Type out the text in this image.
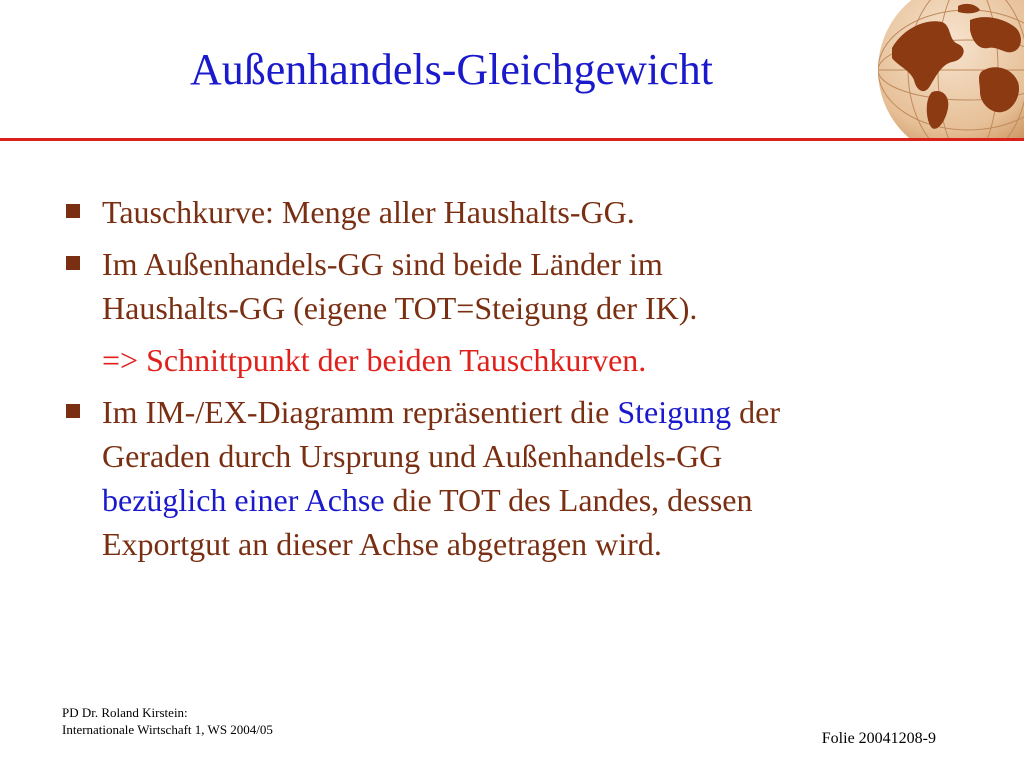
Außenhandels-Gleichgewicht
Tauschkurve: Menge aller Haushalts-GG.
Im Außenhandels-GG sind beide Länder im
Haushalts-GG (eigene TOT=Steigung der IK).
=> Schnittpunkt der beiden Tauschkurven.
Im IM-/EX-Diagramm repräsentiert die Steigung der
Geraden durch Ursprung und Außenhandels-GG
bezüglich einer Achse die TOT des Landes, dessen
Exportgut an dieser Achse abgetragen wird.
PD Dr. Roland Kirstein:
Internationale Wirtschaft 1, WS 2004/05
Folie 20041208-9
